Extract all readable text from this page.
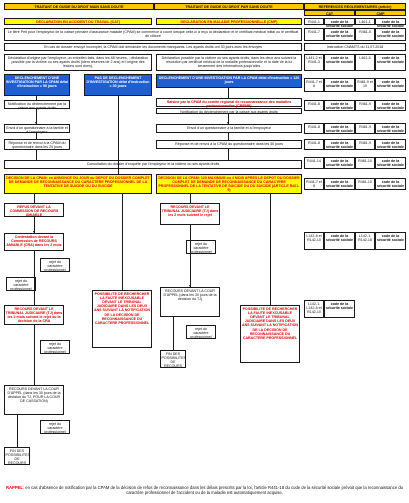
TRAITANT DE GUIDE DU DROIT MAIN SANS DOUTE	TRAITANT DE GUIDE DU DROIT PAR SANS DOUTE	REFERENCES REGLEMENTAIRES (article)
CAT	CMP
DECLARATION EN ACCIDENT DU TRAVAIL (CAT)	DECLARATION EN MALADIE PROFESSIONNELLE (CMP)	R441-1	code de la sécurité sociale
L461-1	code de la sécurité sociale
Le tiéré Peit pour l'employeur de la caisse primaire d'assurance maladie (CPAM) se commence à courir lorsque celle-ci a reçu la déclaration et le certificat médical initial ou le certificat de clôture
R441-7	code de la sécurité sociale
R461-5	code de la sécurité sociale
En cas de dossier envoyé incomplet, la CPAM doit demander les documents manquants. Les ayants droits ont 30 jours avec les envoyes	Instruction CNAMTS du 11.07.2018
Déclaration d'origine par l'employeur, un entretien faits, dans les 48 heures, ; déclaration possible par la victime ou ses ayants droits (idem réserves de 2 ans) et l'origine des lésions sont dues),
Déclaration possible par la victime ou ses ayants droits, dans les deux ans suivant la résolution par certificat médical de la maladie professionnelle et la date de la lui seusement des informations jusqu'ailes
L441-2 et R441-3
code de la sécurité sociale
L461-5	code de la sécurité sociale
DECLENCHEMENT D'UNE INVESTIGATION PAR LA CPAM délai d'instruction = 90 jours
PAS DE DECLENCHEMENT D'INVESTIGATION délai d'instruction = 30 jours
DECLENCHEMENT D'UNE INVESTIGATION PAR LA CPAM délai d'instruction = 120 jours	R441-7 et 8
code de la sécurité sociale
R461-9 et 10
code de la sécurité sociale
Notification du déclenchement par la caisse aux ayants droits
Saisine par la CPAM du comité régional de reconnaissance des maladies professionnelles (CRRMP)
Notification du déclenchement par la caisse aux ayants droits
R441-8	code de la sécurité sociale
R461-9	code de la sécurité sociale
Envoi d'un questionnaire à la famille et à l'employeur
Envoi d'un questionnaire à la famille et à l'employeur	R441-8	code de la sécurité sociale
R461-9	code de la sécurité sociale
Réponse et de renvoi à la CPAM du questionnaire dans les 20 jours
Réponse et de renvoi à la CPAM du questionnaire dans les 30 jours	R441-8	code de la sécurité sociale
R461-9	code de la sécurité sociale
Consultation du dossier d'enquête par l'employeur et la victime ou ses ayants droits
R441-14	code de la sécurité sociale
R461-10	code de la sécurité sociale
DECISION DE LA CPAM: en ANNONCE DU JOUR ou DEPOT DU DOSSIER COMPLET DE DEMANDE DE RECONNAISSANCE DU CARACTERE PROFESSIONNEL DE LA TENTATIVE DE SUICIDE OU DU SUICIDE
DECISION DE LA CPAM: 120 MAXIMUM ou 4 MOIS APRES LE DEPOT DU DOSSIER COMPLET DE DEMANDE DE RECONNAISSANCE DU CARACTERE PROFESSIONNEL DE LA TENTATIVE DE SUICIDE OU DU SUICIDE (ARTICLE R461-9)
R441-7 et 8
code de la sécurité sociale
R461-10	code de la sécurité sociale
REFUS DEVANT LA COMMISSION DE RECOURS AMIABLE
Contestation devant la Commission de RECOURS AMIABLE (CRA) dans les 2 mois
rejet du caractère professionnel
rejet du caractère professionnel
RECOURS DEVANT LE TRIBUNAL JUDICIAIRE (TJ) dans les 2 mois suivant le rejet ou la décision de la CRA
rejet du caractère professionnel
RECOURS DEVANT LA COUR D'APPEL (dans les 30 jours de la décision du TJ, POUR LA COUR DE CASSATION)
rejet du caractère professionnel
FIN DES POSSIBILITES DE RECOURS
POSSIBILITE DE RECHERCHER LA FAUTE INEXCUSABLE DEVANT LE TRIBUNAL JUDICIAIRE DANS LES DEUX ANS SUIVANT LA NOTIFICATION DE LA DECISION DE RECONNAISSANCE DU CARACTERE PROFESSIONNEL
RECOURS DEVANT LE TRIBUNAL JUDICIAIRE (TJ) dans les 2 mois suivant le rejet
rejet du caractère professionnel
RECOURS DEVANT LA COUR D'APPEL (dans les 30 jours de la décision du TJ)
rejet du caractère professionnel
FIN DES POSSIBILITES DE RECOURS
POSSIBILITE DE RECHERCHER LA FAUTE INEXCUSABLE DEVANT LE TRIBUNAL JUDICIAIRE DANS LES DEUX ANS SUIVANT LA NOTIFICATION DE LA DECISION DE RECONNAISSANCE DU CARACTERE PROFESSIONNEL
L142-1, R142-18
code de la sécurité sociale
L142-8 et R142-10
code de la sécurité sociale
L142-1, L142-8 et R142-10
code de la sécurité sociale
RAPPEL: en cas d'absence de notification par la CPAM de la décision de refus de reconnaissance dans les délais prescrits par la loi, l'article R441-18 du code de la sécurité sociale prévoit que la reconnaissance du caractère professionnel de l'accident ou de la maladie est automatiquement acquise.
